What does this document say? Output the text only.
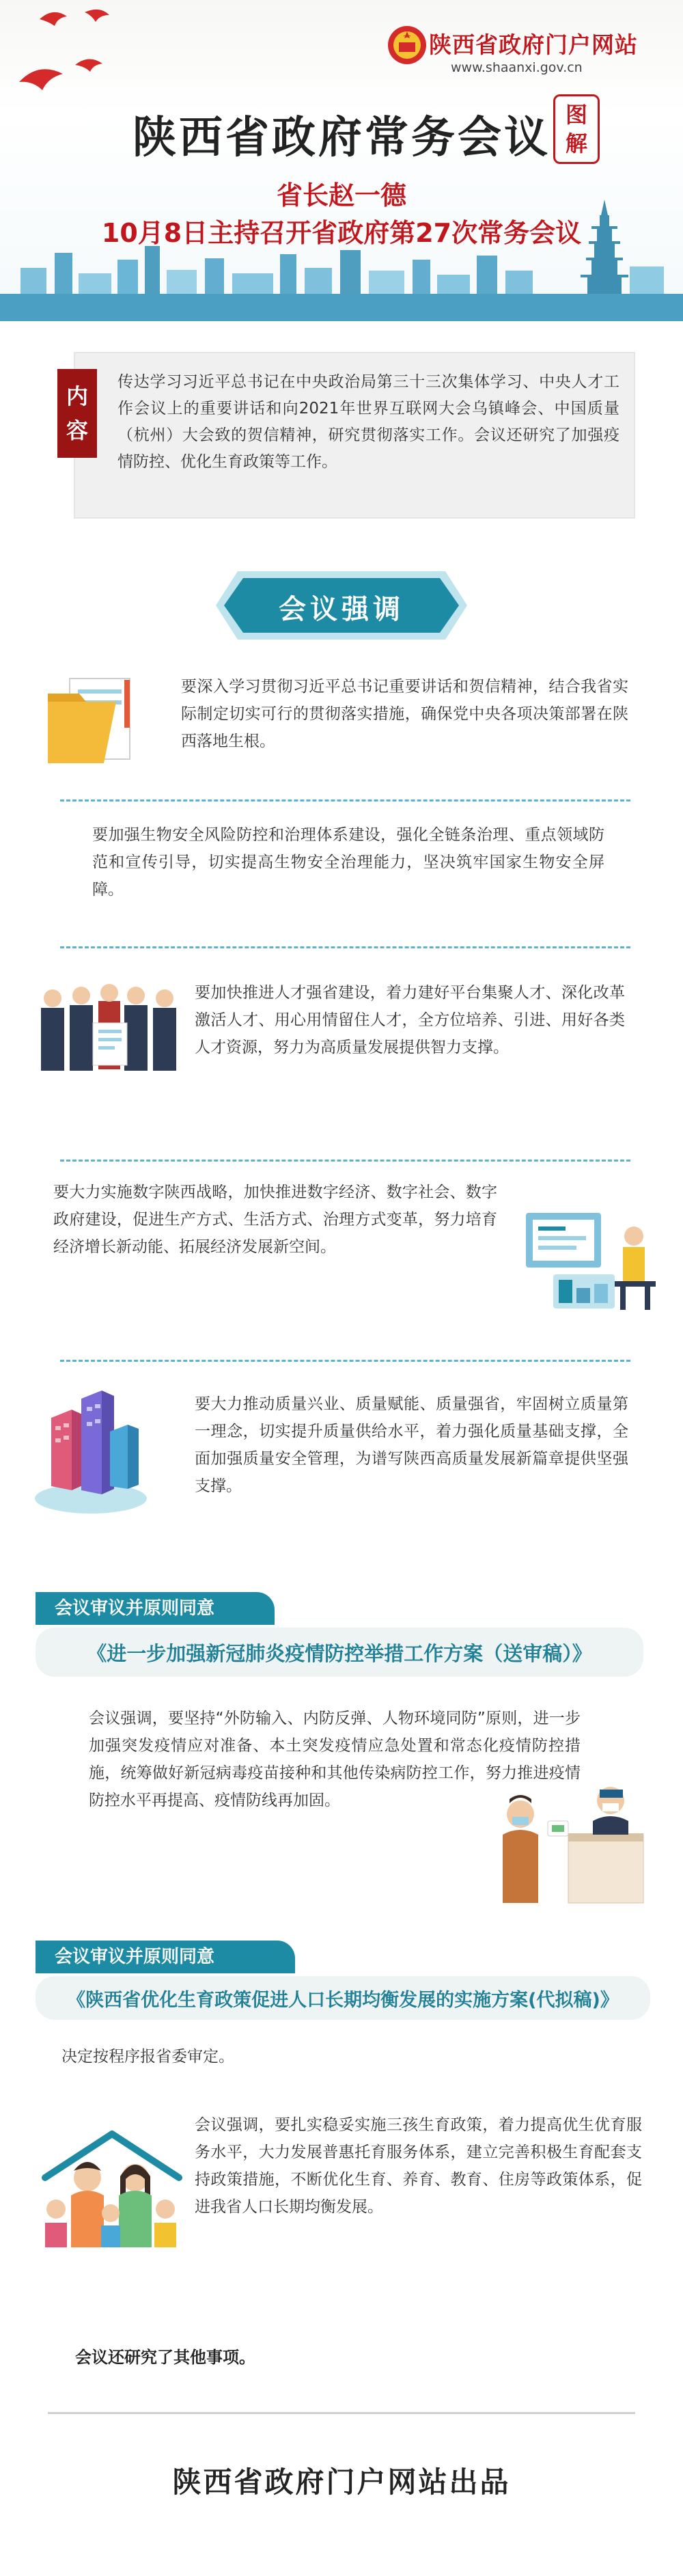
陕西省政府门户网站
www.shaanxi.gov.cn
陕西省政府常务会议 图
解
省长赵一德
10月8日主持召开省政府第27次常务会议
内
容
传达学习习近平总书记在中央政治局第三十三次集体学习、中央人才工作会议上的重要讲话和向2021年世界互联网大会乌镇峰会、中国质量（杭州）大会致的贺信精神，研究贯彻落实工作。会议还研究了加强疫情防控、优化生育政策等工作。
会议强调
要深入学习贯彻习近平总书记重要讲话和贺信精神，结合我省实际制定切实可行的贯彻落实措施，确保党中央各项决策部署在陕西落地生根。
要加强生物安全风险防控和治理体系建设，强化全链条治理、重点领域防范和宣传引导，切实提高生物安全治理能力，坚决筑牢国家生物安全屏障。
要加快推进人才强省建设，着力建好平台集聚人才、深化改革激活人才、用心用情留住人才，全方位培养、引进、用好各类人才资源，努力为高质量发展提供智力支撑。
要大力实施数字陕西战略，加快推进数字经济、数字社会、数字政府建设，促进生产方式、生活方式、治理方式变革，努力培育经济增长新动能、拓展经济发展新空间。
要大力推动质量兴业、质量赋能、质量强省，牢固树立质量第一理念，切实提升质量供给水平，着力强化质量基础支撑，全面加强质量安全管理，为谱写陕西高质量发展新篇章提供坚强支撑。
会议审议并原则同意
《进一步加强新冠肺炎疫情防控举措工作方案（送审稿）》
会议强调，要坚持“外防输入、内防反弹、人物环境同防”原则，进一步加强突发疫情应对准备、本土突发疫情应急处置和常态化疫情防控措施，统筹做好新冠病毒疫苗接种和其他传染病防控工作，努力推进疫情防控水平再提高、疫情防线再加固。
会议审议并原则同意
《陕西省优化生育政策促进人口长期均衡发展的实施方案(代拟稿)》
决定按程序报省委审定。
会议强调，要扎实稳妥实施三孩生育政策，着力提高优生优育服务水平，大力发展普惠托育服务体系，建立完善积极生育配套支持政策措施，不断优化生育、养育、教育、住房等政策体系，促进我省人口长期均衡发展。
会议还研究了其他事项。
陕西省政府门户网站出品
